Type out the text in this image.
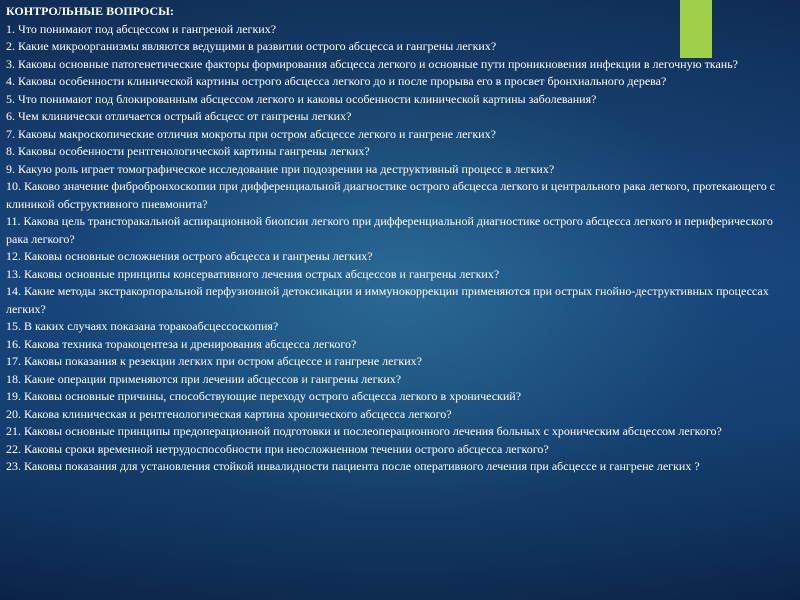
КОНТРОЛЬНЫЕ ВОПРОСЫ:

1. Что понимают под абсцессом и гангреной легких?

2. Какие микроорганизмы являются ведущими в развитии острого абсцесса и гангрены легких?

3. Каковы основные патогенетические факторы формирования абсцесса легкого и основные пути проникновения инфекции в легочную ткань?

4. Каковы особенности клинической картины острого абсцесса легкого до и после прорыва его в просвет бронхиального дерева?

5. Что понимают под блокированным абсцессом легкого и каковы особенности клинической картины заболевания?

6. Чем клинически отличается острый абсцесс от гангрены легких?

7. Каковы макроскопические отличия мокроты при остром абсцессе легкого и гангрене легких?

8. Каковы особенности рентгенологической картины гангрены легких?

9. Какую роль играет томографическое исследование при подозрении на деструктивный процесс в легких?

10. Каково значение фибробронхоскопии при дифференциальной диагностике острого абсцесса легкого и центрального рака легкого, протекающего с клиникой обструктивного пневмонита?

11. Какова цель трансторакальной аспирационной биопсии легкого при дифференциальной диагностике острого абсцесса легкого и периферического рака легкого?

12. Каковы основные осложнения острого абсцесса и гангрены легких?

13. Каковы основные принципы консервативного лечения острых абсцессов и гангрены легких?

14. Какие методы экстракорпоральной перфузионной детоксикации и иммунокоррекции применяются при острых гнойно-деструктивных процессах легких?

15. В каких случаях показана торакоабсцессоскопия?

16. Какова техника торакоцентеза и дренирования абсцесса легкого?

17. Каковы показания к резекции легких при остром абсцессе и гангрене легких?

18. Какие операции применяются при лечении абсцессов и гангрены легких?

19. Каковы основные причины, способствующие переходу острого абсцесса легкого в хронический?

20. Какова клиническая и рентгенологическая картина хронического абсцесса легкого?

21. Каковы основные принципы предоперационной подготовки и послеоперационного лечения больных с хроническим абсцессом легкого?

22. Каковы сроки временной нетрудоспособности при неосложненном течении острого абсцесса легкого?

23. Каковы показания для установления стойкой инвалидности пациента после оперативного лечения при абсцессе и гангрене легких ?
